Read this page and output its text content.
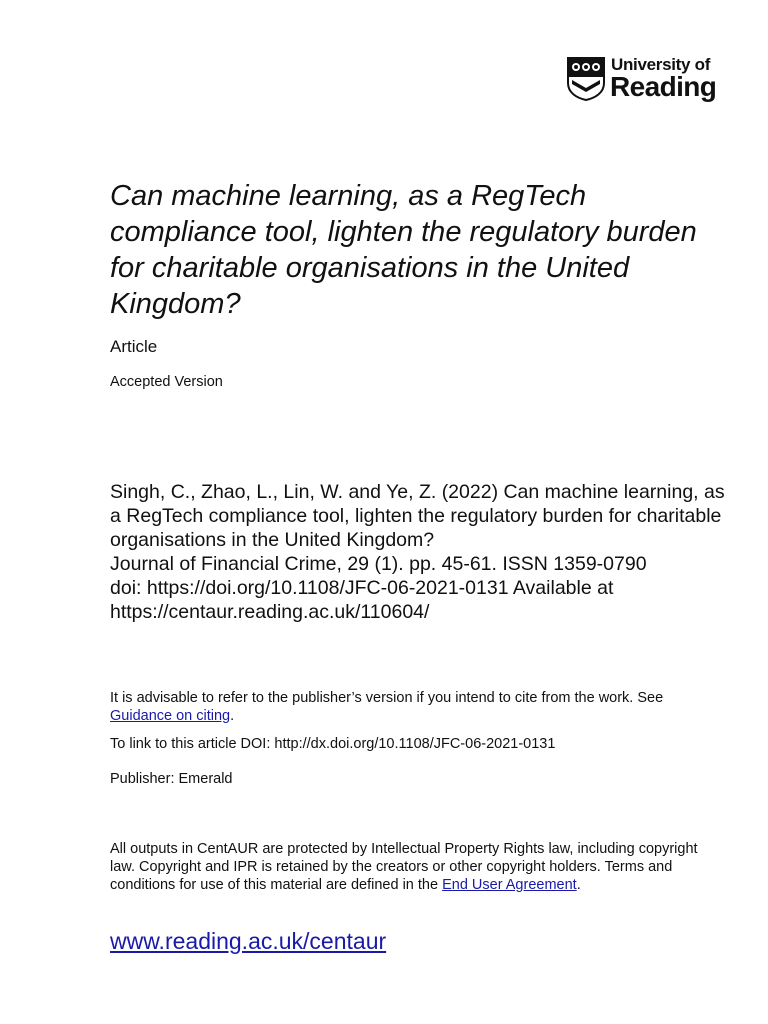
University of
Reading
Can machine learning, as a RegTech compliance tool, lighten the regulatory burden for charitable organisations in the United Kingdom?
Article
Accepted Version

Singh, C., Zhao, L., Lin, W. and Ye, Z. (2022) Can machine learning, as a RegTech compliance tool, lighten the regulatory burden for charitable organisations in the United Kingdom?

Journal of Financial Crime, 29 (1). pp. 45-61. ISSN 1359-0790

doi: https://doi.org/10.1108/JFC-06-2021-0131 Available at https://centaur.reading.ac.uk/110604/

It is advisable to refer to the publisher’s version if you intend to cite from the work. See Guidance on citing.
To link to this article DOI: http://dx.doi.org/10.1108/JFC-06-2021-0131
Publisher: Emerald
All outputs in CentAUR are protected by Intellectual Property Rights law, including copyright law. Copyright and IPR is retained by the creators or other copyright holders. Terms and conditions for use of this material are defined in the End User Agreement.
www.reading.ac.uk/centaur
